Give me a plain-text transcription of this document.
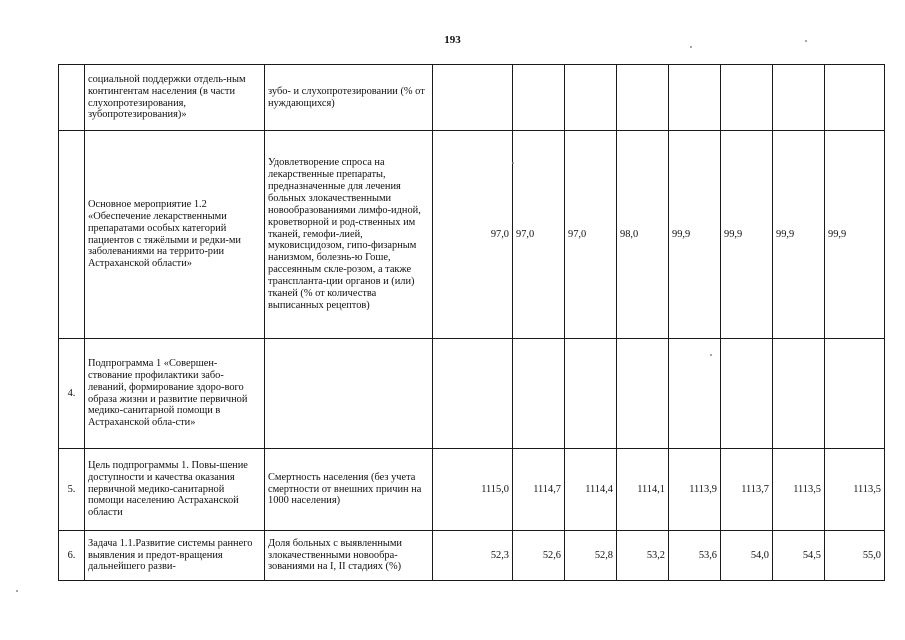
193
	социальной поддержки отдель-ным контингентам населения (в части слухопротезирования, зубопротезирования)»	зубо- и слухопротезировании (% от нуждающихся)								
	Основное мероприятие 1.2 «Обеспечение лекарственными препаратами особых категорий пациентов с тяжёлыми и редки-ми заболеваниями на террито-рии Астраханской области»	Удовлетворение спроса на лекарственные препараты, предназначенные для лечения больных злокачественными новообразованиями лимфо-идной, кроветворной и род-ственных им тканей, гемофи-лией, муковисцидозом, гипо-физарным нанизмом, болезнь-ю Гоше, рассеянным скле-розом, а также транспланта-ции органов и (или) тканей (% от количества выписанных рецептов)	97,0	97,0	97,0	98,0	99,9	99,9	99,9	99,9
4.	Подпрограмма 1 «Совершен-ствование профилактики забо-леваний, формирование здоро-вого образа жизни и развитие первичной медико-санитарной помощи в Астраханской обла-сти»									
5.	Цель подпрограммы 1. Повы-шение доступности и качества оказания первичной медико-санитарной помощи населению Астраханской области	Смертность населения (без учета смертности от внешних причин на 1000 населения)	1115,0	1114,7	1114,4	1114,1	1113,9	1113,7	1113,5	1113,5
6.	Задача 1.1.Развитие системы раннего выявления и предот-вращения дальнейшего разви-	Доля больных с выявленными злокачественными новообра-зованиями на I, II стадиях (%)	52,3	52,6	52,8	53,2	53,6	54,0	54,5	55,0
